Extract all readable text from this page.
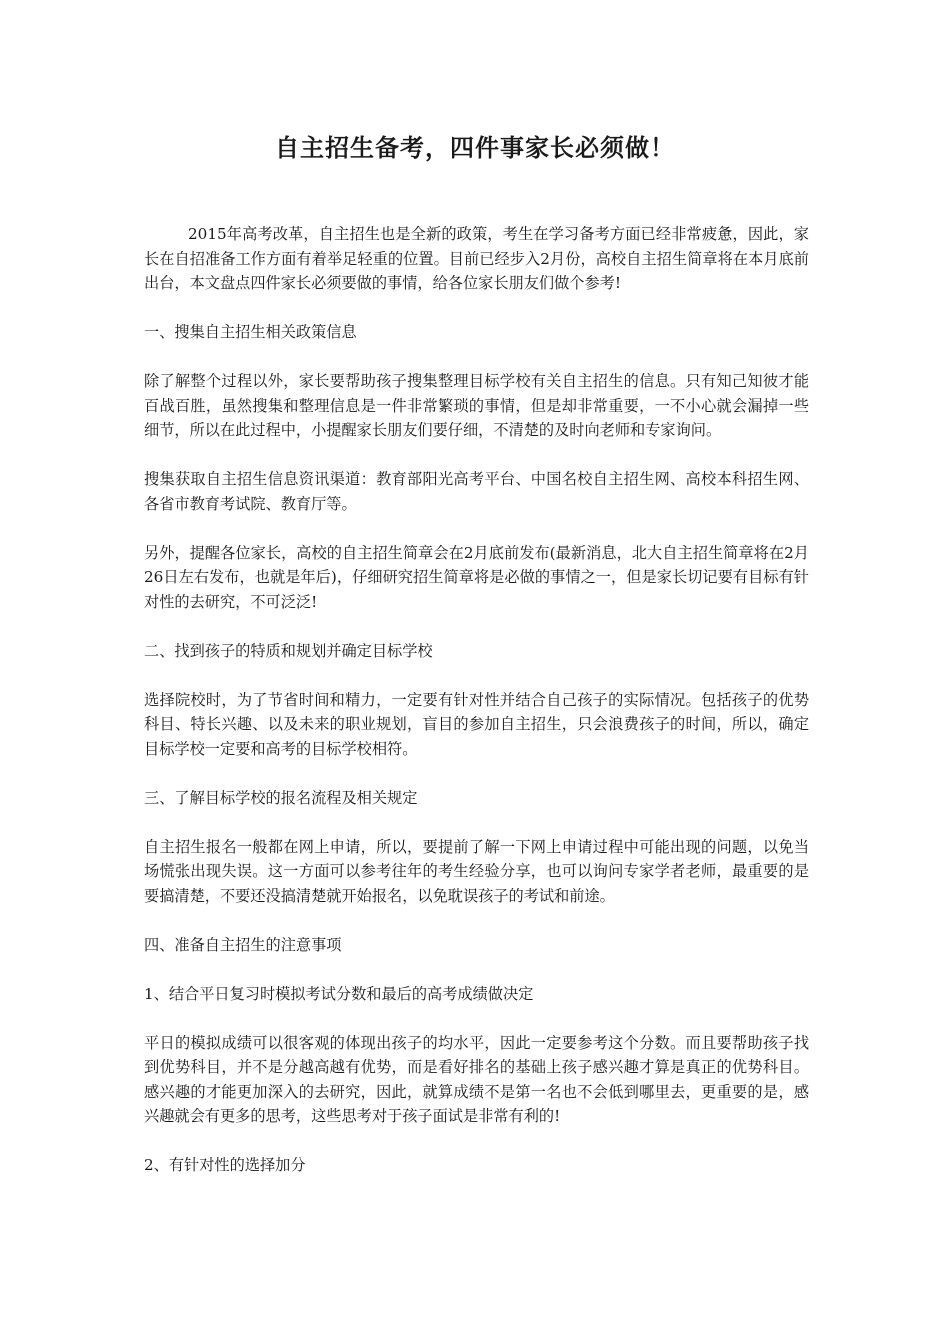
自主招生备考，四件事家长必须做！

2015年高考改革，自主招生也是全新的政策，考生在学习备考方面已经非常疲惫，因此，家长在自招准备工作方面有着举足轻重的位置。目前已经步入2月份，高校自主招生简章将在本月底前出台，本文盘点四件家长必须要做的事情，给各位家长朋友们做个参考!

一、搜集自主招生相关政策信息

除了解整个过程以外，家长要帮助孩子搜集整理目标学校有关自主招生的信息。只有知己知彼才能百战百胜，虽然搜集和整理信息是一件非常繁琐的事情，但是却非常重要，一不小心就会漏掉一些细节，所以在此过程中，小提醒家长朋友们要仔细，不清楚的及时向老师和专家询问。

搜集获取自主招生信息资讯渠道：教育部阳光高考平台、中国名校自主招生网、高校本科招生网、各省市教育考试院、教育厅等。

另外，提醒各位家长，高校的自主招生简章会在2月底前发布(最新消息，北大自主招生简章将在2月26日左右发布，也就是年后)，仔细研究招生简章将是必做的事情之一，但是家长切记要有目标有针对性的去研究，不可泛泛!

二、找到孩子的特质和规划并确定目标学校

选择院校时，为了节省时间和精力，一定要有针对性并结合自己孩子的实际情况。包括孩子的优势科目、特长兴趣、以及未来的职业规划，盲目的参加自主招生，只会浪费孩子的时间，所以，确定目标学校一定要和高考的目标学校相符。

三、了解目标学校的报名流程及相关规定

自主招生报名一般都在网上申请，所以，要提前了解一下网上申请过程中可能出现的问题，以免当场慌张出现失误。这一方面可以参考往年的考生经验分享，也可以询问专家学者老师，最重要的是要搞清楚，不要还没搞清楚就开始报名，以免耽误孩子的考试和前途。

四、准备自主招生的注意事项

1、结合平日复习时模拟考试分数和最后的高考成绩做决定

平日的模拟成绩可以很客观的体现出孩子的均水平，因此一定要参考这个分数。而且要帮助孩子找到优势科目，并不是分越高越有优势，而是看好排名的基础上孩子感兴趣才算是真正的优势科目。感兴趣的才能更加深入的去研究，因此，就算成绩不是第一名也不会低到哪里去，更重要的是，感兴趣就会有更多的思考，这些思考对于孩子面试是非常有利的!

2、有针对性的选择加分
